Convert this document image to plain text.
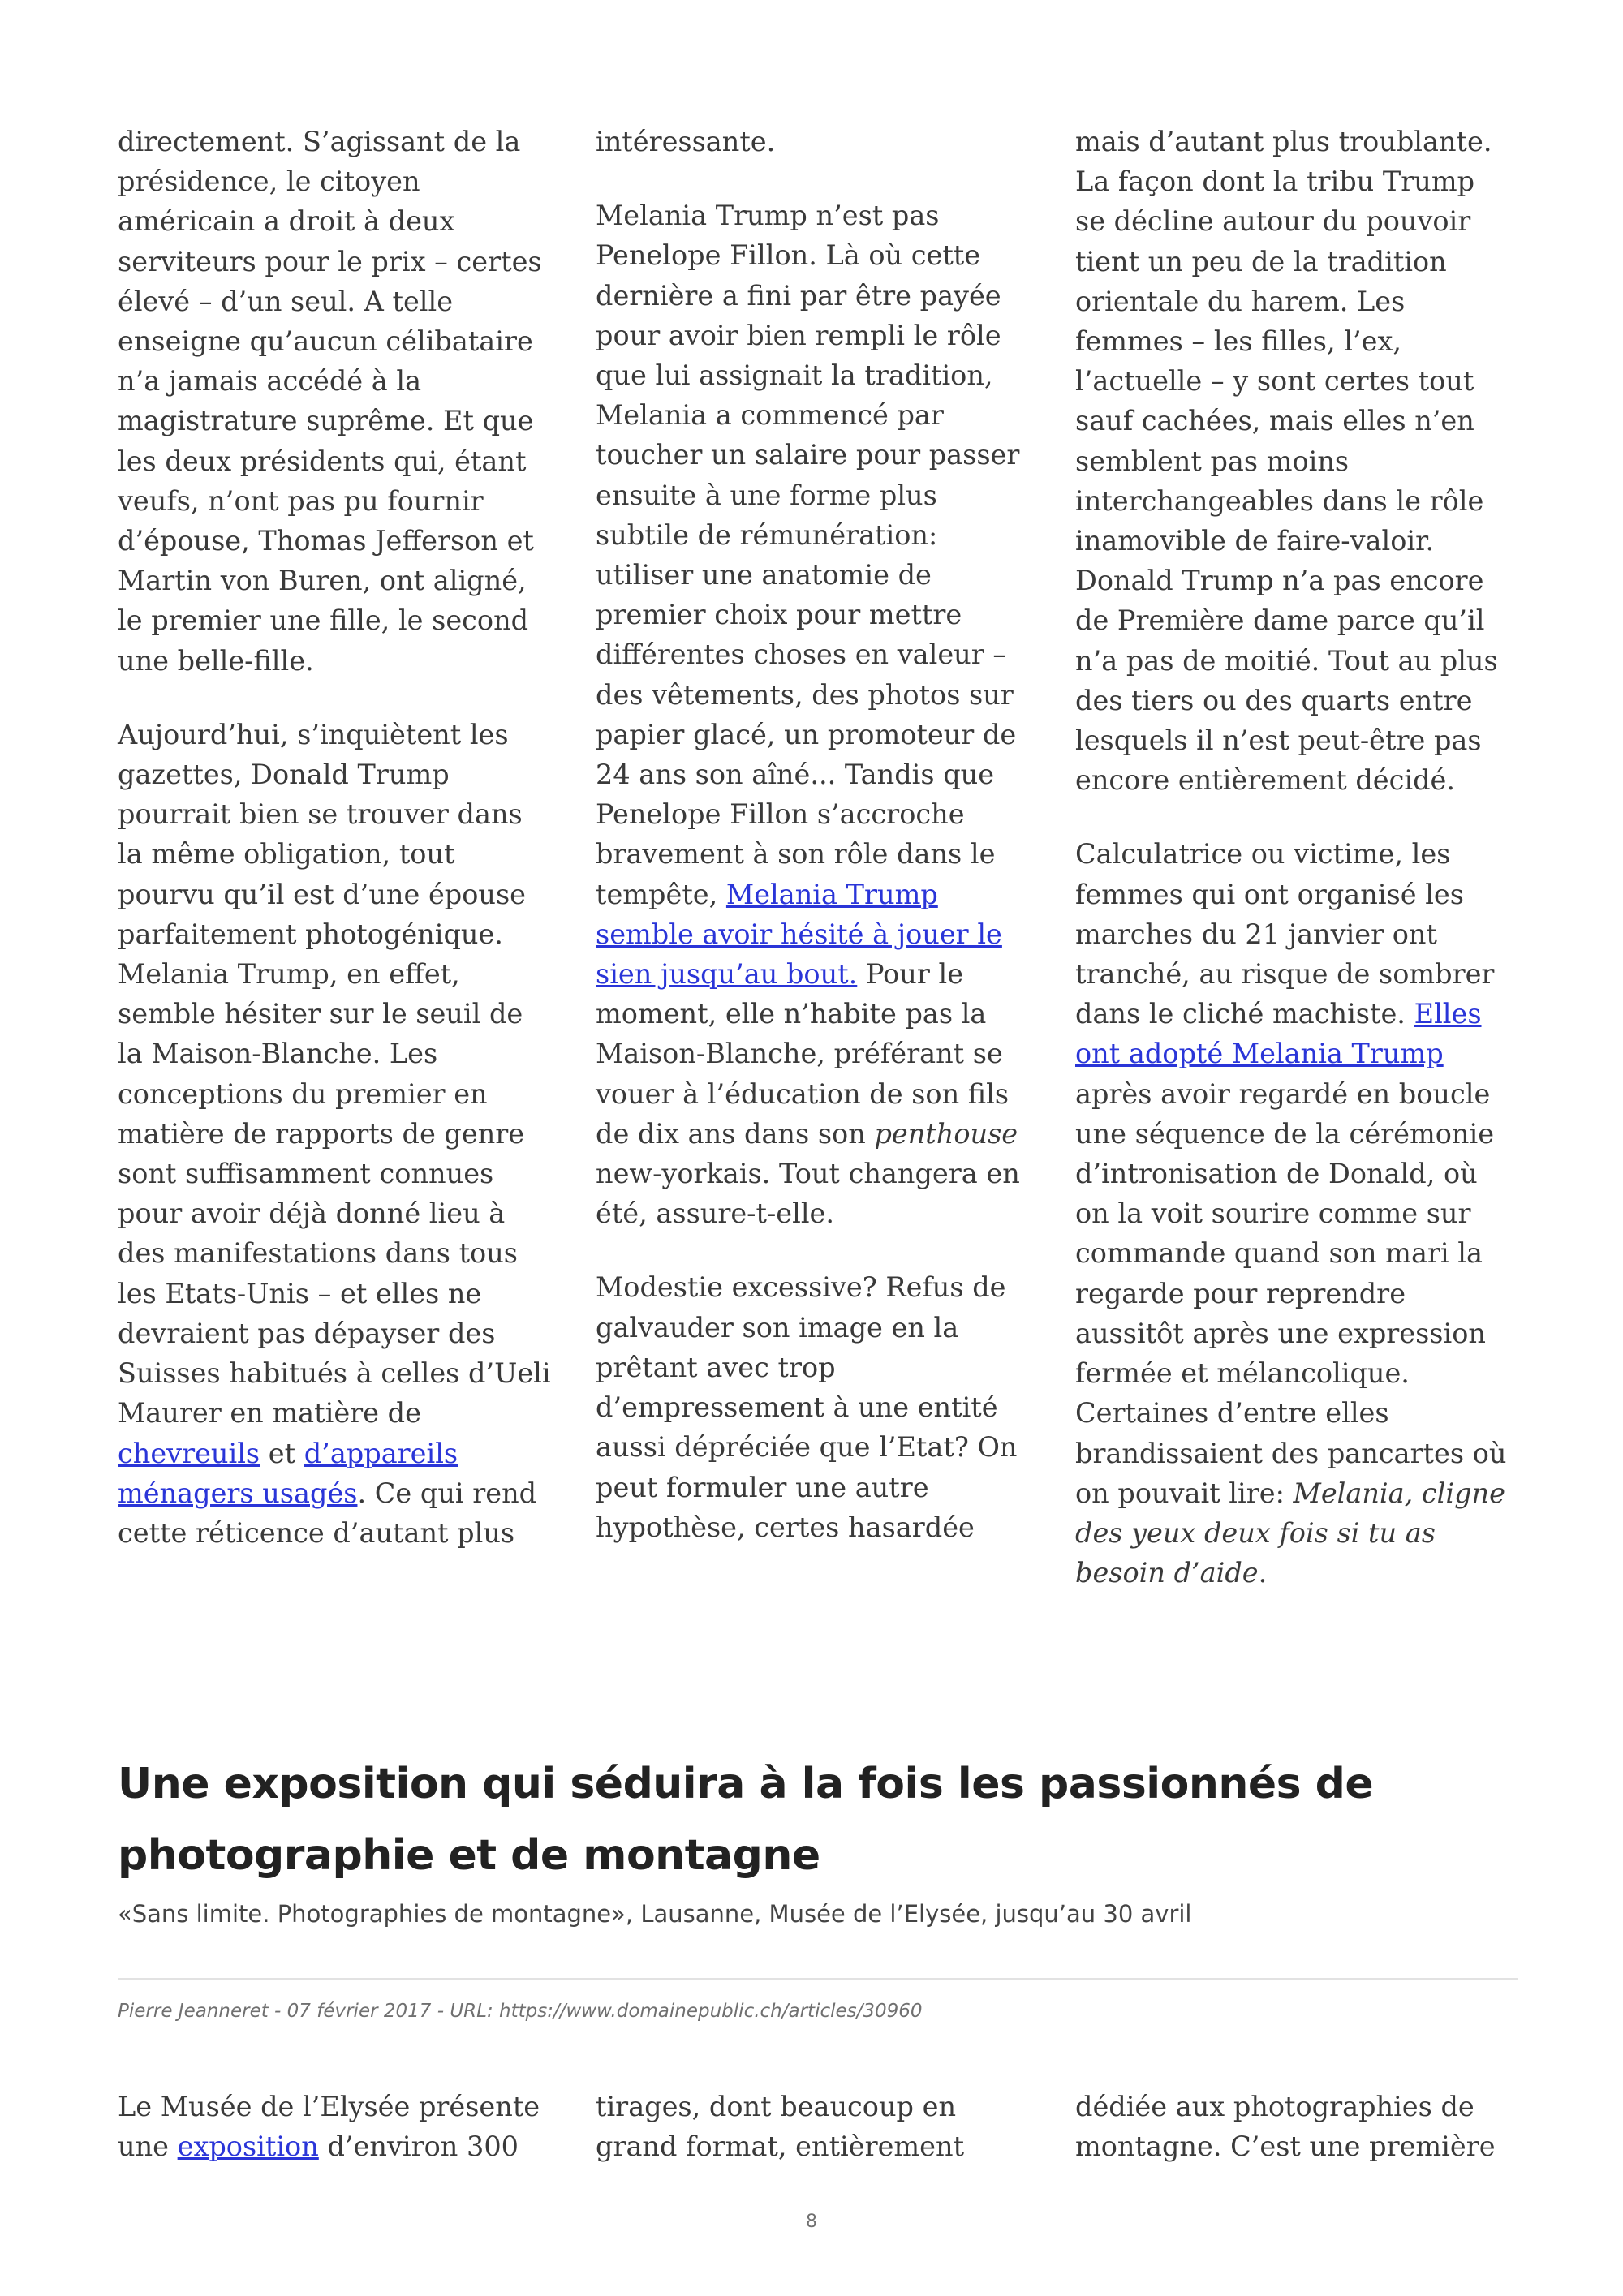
directement. S’agissant de la présidence, le citoyen américain a droit à deux serviteurs pour le prix – certes élevé – d’un seul. A telle enseigne qu’aucun célibataire n’a jamais accédé à la magistrature suprême. Et que les deux présidents qui, étant veufs, n’ont pas pu fournir d’épouse, Thomas Jefferson et Martin von Buren, ont aligné, le premier une fille, le second une belle-fille.

Aujourd’hui, s’inquiètent les gazettes, Donald Trump pourrait bien se trouver dans la même obligation, tout pourvu qu’il est d’une épouse parfaitement photogénique. Melania Trump, en effet, semble hésiter sur le seuil de la Maison-Blanche. Les conceptions du premier en matière de rapports de genre sont suffisamment connues pour avoir déjà donné lieu à des manifestations dans tous les Etats-Unis – et elles ne devraient pas dépayser des Suisses habitués à celles d’Ueli Maurer en matière de chevreuils et d’appareils ménagers usagés. Ce qui rend cette réticence d’autant plus

intéressante.

Melania Trump n’est pas Penelope Fillon. Là où cette dernière a fini par être payée pour avoir bien rempli le rôle que lui assignait la tradition, Melania a commencé par toucher un salaire pour passer ensuite à une forme plus subtile de rémunération: utiliser une anatomie de premier choix pour mettre différentes choses en valeur – des vêtements, des photos sur papier glacé, un promoteur de 24 ans son aîné... Tandis que Penelope Fillon s’accroche bravement à son rôle dans le tempête, Melania Trump semble avoir hésité à jouer le sien jusqu’au bout. Pour le moment, elle n’habite pas la Maison-Blanche, préférant se vouer à l’éducation de son fils de dix ans dans son penthouse new-yorkais. Tout changera en été, assure-t-elle.

Modestie excessive? Refus de galvauder son image en la prêtant avec trop d’empressement à une entité aussi dépréciée que l’Etat? On peut formuler une autre hypothèse, certes hasardée

mais d’autant plus troublante. La façon dont la tribu Trump se décline autour du pouvoir tient un peu de la tradition orientale du harem. Les femmes – les filles, l’ex, l’actuelle – y sont certes tout sauf cachées, mais elles n’en semblent pas moins interchangeables dans le rôle inamovible de faire-valoir. Donald Trump n’a pas encore de Première dame parce qu’il n’a pas de moitié. Tout au plus des tiers ou des quarts entre lesquels il n’est peut-être pas encore entièrement décidé.

Calculatrice ou victime, les femmes qui ont organisé les marches du 21 janvier ont tranché, au risque de sombrer dans le cliché machiste. Elles ont adopté Melania Trump après avoir regardé en boucle une séquence de la cérémonie d’intronisation de Donald, où on la voit sourire comme sur commande quand son mari la regarde pour reprendre aussitôt après une expression fermée et mélancolique. Certaines d’entre elles brandissaient des pancartes où on pouvait lire: Melania, cligne des yeux deux fois si tu as besoin d’aide.

Une exposition qui séduira à la fois les passionnés de photographie et de montagne

«Sans limite. Photographies de montagne», Lausanne, Musée de l’Elysée, jusqu’au 30 avril

Pierre Jeanneret - 07 février 2017 - URL: https://www.domainepublic.ch/articles/30960
Le Musée de l’Elysée présente une exposition d’environ 300
tirages, dont beaucoup en grand format, entièrement
dédiée aux photographies de montagne. C’est une première
8
